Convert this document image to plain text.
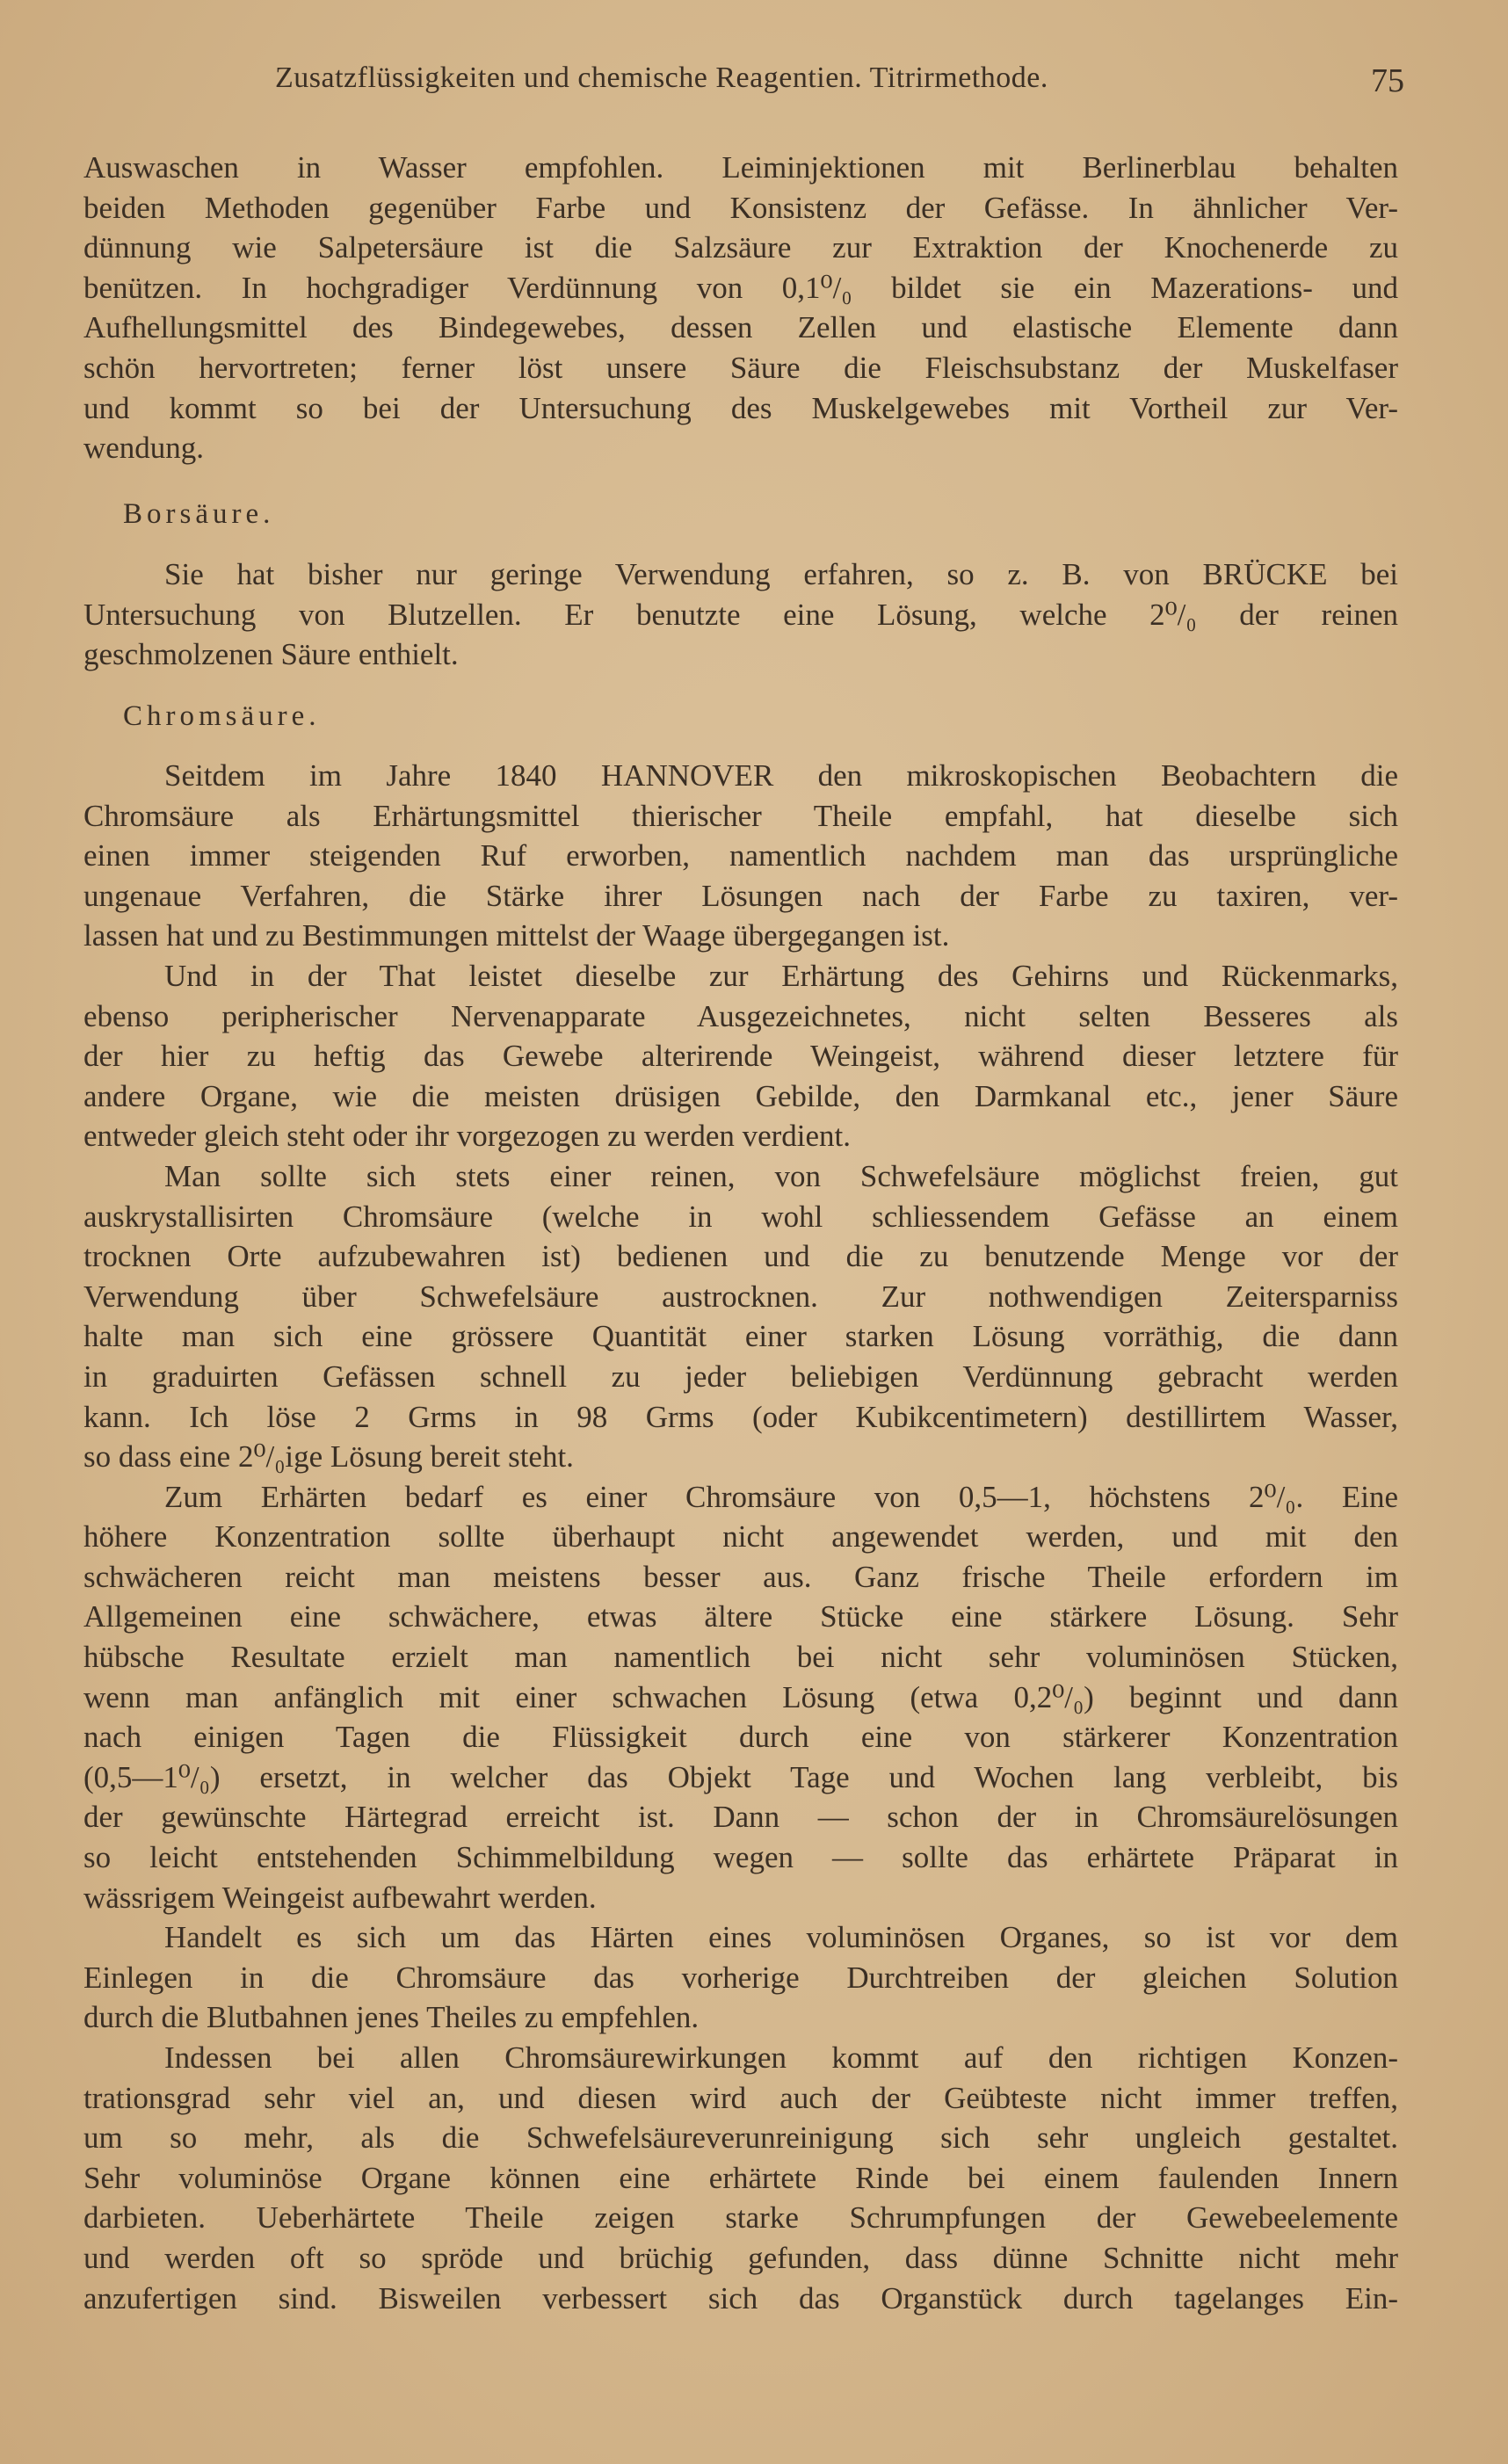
Zusatzflüssigkeiten und chemische Reagentien. Titrirmethode.	75
Auswaschen in Wasser empfohlen. Leiminjektionen mit Berlinerblau behalten
beiden Methoden gegenüber Farbe und Konsistenz der Gefässe. In ähnlicher Ver-
dünnung wie Salpetersäure ist die Salzsäure zur Extraktion der Knochenerde zu
benützen. In hochgradiger Verdünnung von 0,1⁰/₀ bildet sie ein Mazerations- und
Aufhellungsmittel des Bindegewebes, dessen Zellen und elastische Elemente dann
schön hervortreten; ferner löst unsere Säure die Fleischsubstanz der Muskelfaser
und kommt so bei der Untersuchung des Muskelgewebes mit Vortheil zur Ver-
wendung.
Borsäure.
Sie hat bisher nur geringe Verwendung erfahren, so z. B. von BRÜCKE bei
Untersuchung von Blutzellen. Er benutzte eine Lösung, welche 2⁰/₀ der reinen
geschmolzenen Säure enthielt.
Chromsäure.
Seitdem im Jahre 1840 HANNOVER den mikroskopischen Beobachtern die
Chromsäure als Erhärtungsmittel thierischer Theile empfahl, hat dieselbe sich
einen immer steigenden Ruf erworben, namentlich nachdem man das ursprüngliche
ungenaue Verfahren, die Stärke ihrer Lösungen nach der Farbe zu taxiren, ver-
lassen hat und zu Bestimmungen mittelst der Waage übergegangen ist.
Und in der That leistet dieselbe zur Erhärtung des Gehirns und Rückenmarks,
ebenso peripherischer Nervenapparate Ausgezeichnetes, nicht selten Besseres als
der hier zu heftig das Gewebe alterirende Weingeist, während dieser letztere für
andere Organe, wie die meisten drüsigen Gebilde, den Darmkanal etc., jener Säure
entweder gleich steht oder ihr vorgezogen zu werden verdient.
Man sollte sich stets einer reinen, von Schwefelsäure möglichst freien, gut
auskrystallisirten Chromsäure (welche in wohl schliessendem Gefässe an einem
trocknen Orte aufzubewahren ist) bedienen und die zu benutzende Menge vor der
Verwendung über Schwefelsäure austrocknen. Zur nothwendigen Zeitersparniss
halte man sich eine grössere Quantität einer starken Lösung vorräthig, die dann
in graduirten Gefässen schnell zu jeder beliebigen Verdünnung gebracht werden
kann. Ich löse 2 Grms in 98 Grms (oder Kubikcentimetern) destillirtem Wasser,
so dass eine 2⁰/₀ige Lösung bereit steht.
Zum Erhärten bedarf es einer Chromsäure von 0,5—1, höchstens 2⁰/₀. Eine
höhere Konzentration sollte überhaupt nicht angewendet werden, und mit den
schwächeren reicht man meistens besser aus. Ganz frische Theile erfordern im
Allgemeinen eine schwächere, etwas ältere Stücke eine stärkere Lösung. Sehr
hübsche Resultate erzielt man namentlich bei nicht sehr voluminösen Stücken,
wenn man anfänglich mit einer schwachen Lösung (etwa 0,2⁰/₀) beginnt und dann
nach einigen Tagen die Flüssigkeit durch eine von stärkerer Konzentration
(0,5—1⁰/₀) ersetzt, in welcher das Objekt Tage und Wochen lang verbleibt, bis
der gewünschte Härtegrad erreicht ist. Dann — schon der in Chromsäurelösungen
so leicht entstehenden Schimmelbildung wegen — sollte das erhärtete Präparat in
wässrigem Weingeist aufbewahrt werden.
Handelt es sich um das Härten eines voluminösen Organes, so ist vor dem
Einlegen in die Chromsäure das vorherige Durchtreiben der gleichen Solution
durch die Blutbahnen jenes Theiles zu empfehlen.
Indessen bei allen Chromsäurewirkungen kommt auf den richtigen Konzen-
trationsgrad sehr viel an, und diesen wird auch der Geübteste nicht immer treffen,
um so mehr, als die Schwefelsäureverunreinigung sich sehr ungleich gestaltet.
Sehr voluminöse Organe können eine erhärtete Rinde bei einem faulenden Innern
darbieten. Ueberhärtete Theile zeigen starke Schrumpfungen der Gewebeelemente
und werden oft so spröde und brüchig gefunden, dass dünne Schnitte nicht mehr
anzufertigen sind. Bisweilen verbessert sich das Organstück durch tagelanges Ein-
